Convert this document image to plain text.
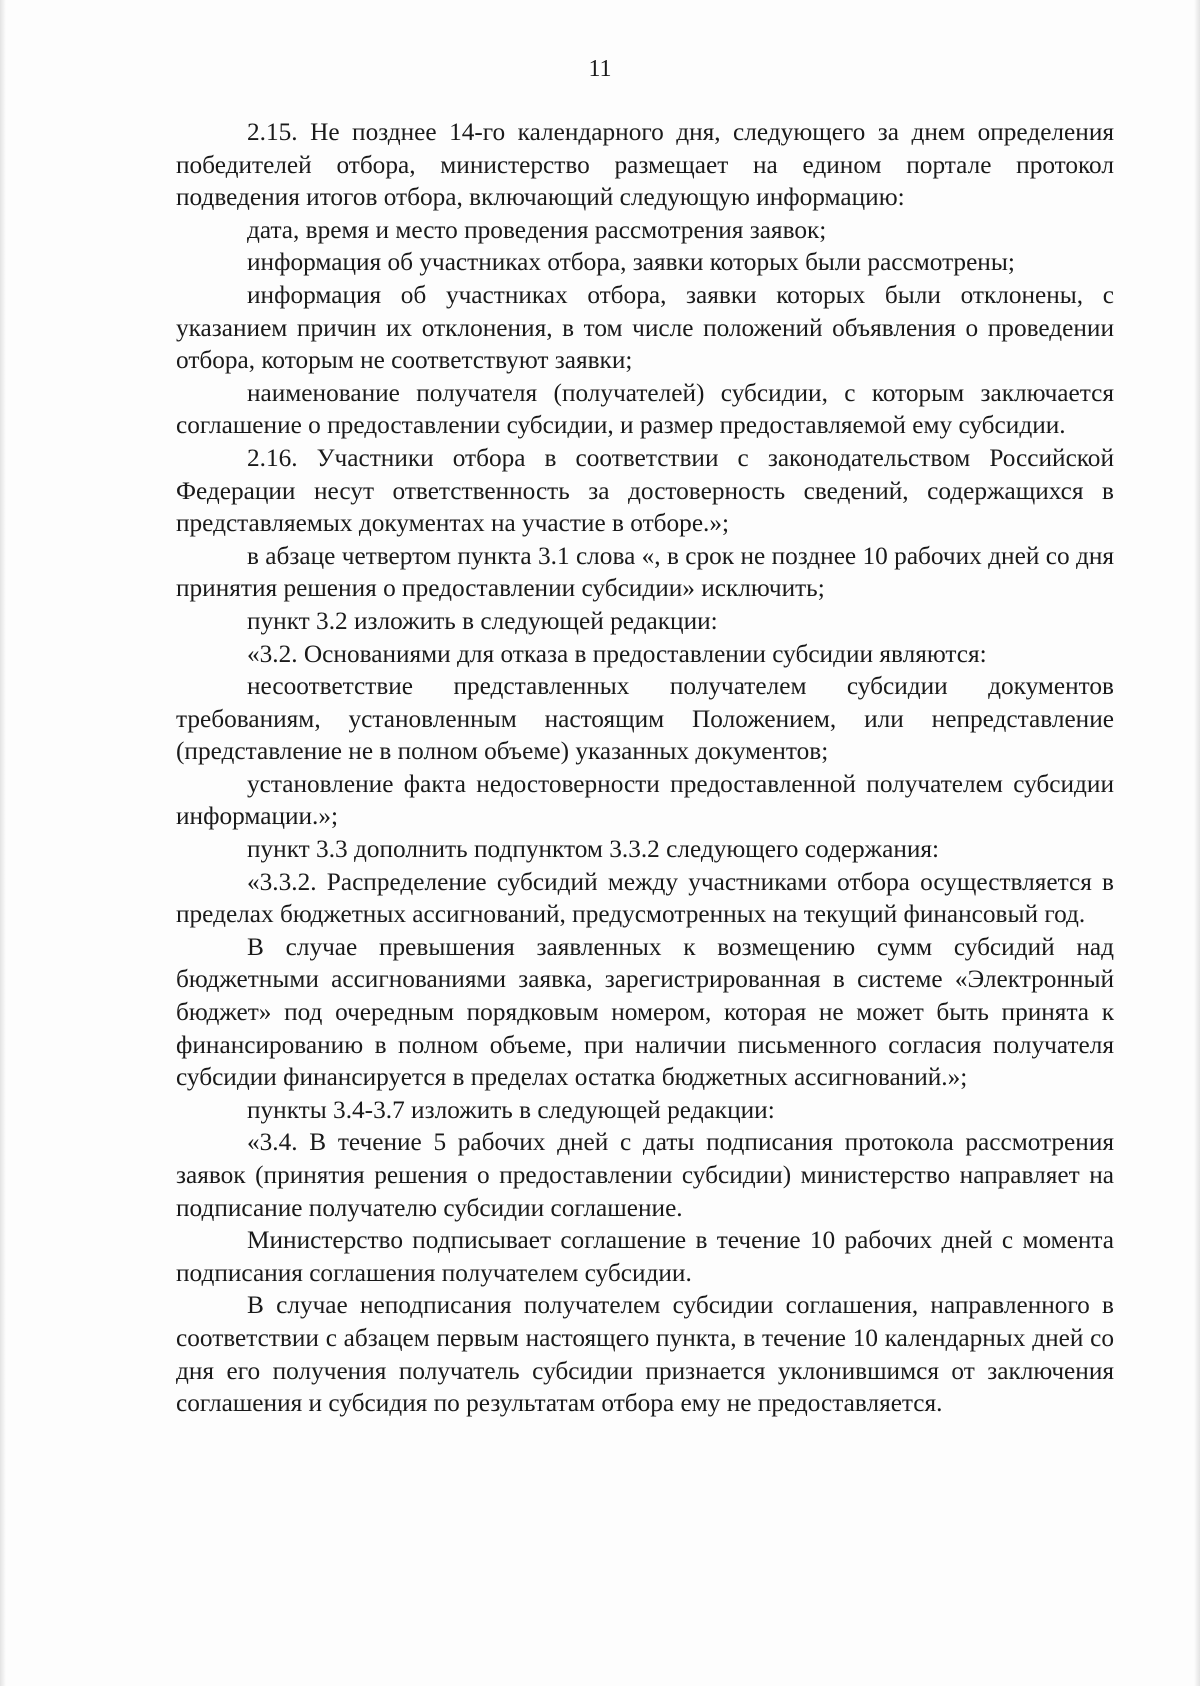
11

2.15. Не позднее 14-го календарного дня, следующего за днем определения победителей отбора, министерство размещает на едином портале протокол подведения итогов отбора, включающий следующую информацию:

дата, время и место проведения рассмотрения заявок;

информация об участниках отбора, заявки которых были рассмотрены;

информация об участниках отбора, заявки которых были отклонены, с указанием причин их отклонения, в том числе положений объявления о проведении отбора, которым не соответствуют заявки;

наименование получателя (получателей) субсидии, с которым заключается соглашение о предоставлении субсидии, и размер предоставляемой ему субсидии.

2.16. Участники отбора в соответствии с законодательством Российской Федерации несут ответственность за достоверность сведений, содержащихся в представляемых документах на участие в отборе.»;

в абзаце четвертом пункта 3.1 слова «, в срок не позднее 10 рабочих дней со дня принятия решения о предоставлении субсидии» исключить;

пункт 3.2 изложить в следующей редакции:

«3.2. Основаниями для отказа в предоставлении субсидии являются:

несоответствие представленных получателем субсидии документов требованиям, установленным настоящим Положением, или непредставление (представление не в полном объеме) указанных документов;

установление факта недостоверности предоставленной получателем субсидии информации.»;

пункт 3.3 дополнить подпунктом 3.3.2 следующего содержания:

«3.3.2. Распределение субсидий между участниками отбора осуществляется в пределах бюджетных ассигнований, предусмотренных на текущий финансовый год.

В случае превышения заявленных к возмещению сумм субсидий над бюджетными ассигнованиями заявка, зарегистрированная в системе «Электронный бюджет» под очередным порядковым номером, которая не может быть принята к финансированию в полном объеме, при наличии письменного согласия получателя субсидии финансируется в пределах остатка бюджетных ассигнований.»;

пункты 3.4-3.7 изложить в следующей редакции:

«3.4. В течение 5 рабочих дней с даты подписания протокола рассмотрения заявок (принятия решения о предоставлении субсидии) министерство направляет на подписание получателю субсидии соглашение.

Министерство подписывает соглашение в течение 10 рабочих дней с момента подписания соглашения получателем субсидии.

В случае неподписания получателем субсидии соглашения, направленного в соответствии с абзацем первым настоящего пункта, в течение 10 календарных дней со дня его получения получатель субсидии признается уклонившимся от заключения соглашения и субсидия по результатам отбора ему не предоставляется.
